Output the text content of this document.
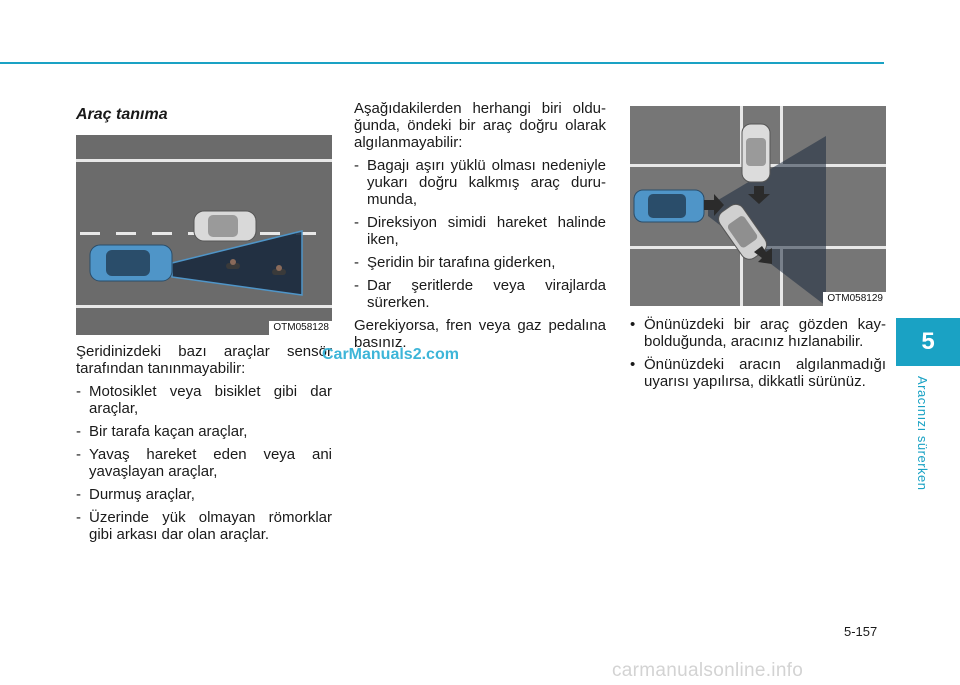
Araç tanıma
OTM058128

Şeridinizdeki bazı araçlar sensör tarafından tanınmayabilir:

- Motosiklet veya bisiklet gibi dar araçlar,
- Bir tarafa kaçan araçlar,
- Yavaş hareket eden veya ani yavaşlayan araçlar,
- Durmuş araçlar,
- Üzerinde yük olmayan römorklar gibi arkası dar olan araçlar.

Aşağıdakilerden herhangi biri oldu-ğunda, öndeki bir araç doğru olarak algılanmayabilir:

- Bagajı aşırı yüklü olması nedeniyle yukarı doğru kalkmış araç duru-munda,
- Direksiyon simidi hareket halinde iken,
- Şeridin bir tarafına giderken,
- Dar şeritlerde veya virajlarda sürerken.

Gerekiyorsa, fren veya gaz pedalına basınız.

OTM058129
• Önünüzdeki bir araç gözden kay-bolduğunda, aracınız hızlanabilir.
• Önünüzdeki aracın algılanmadığı uyarısı yapılırsa, dikkatli sürünüz.
CarManuals2.com	5
Aracınızı sürerken
5-157
carmanualsonline.info
